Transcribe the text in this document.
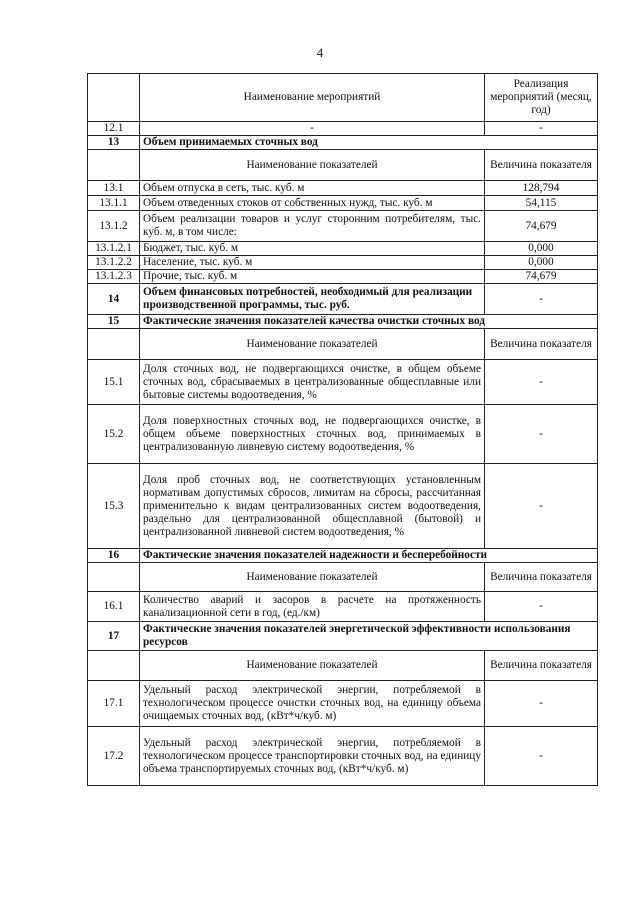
4
	Наименование мероприятий	Реализация мероприятий (месяц, год)
12.1	-	-
13	Объем принимаемых сточных вод	
	Наименование показателей	Величина показателя
13.1	Объем отпуска в сеть, тыс. куб. м	128,794
13.1.1	Объем отведенных стоков от собственных нужд, тыс. куб. м	54,115
13.1.2	Объем реализации товаров и услуг сторонним потребителям, тыс. куб. м, в том числе:	74,679
13.1.2.1	Бюджет, тыс. куб. м	0,000
13.1.2.2	Население, тыс. куб. м	0,000
13.1.2.3	Прочие, тыс. куб. м	74,679
14	Объем финансовых потребностей, необходимый для реализации производственной программы, тыс. руб.	-
15	Фактические значения показателей качества очистки сточных вод	
	Наименование показателей	Величина показателя
15.1	Доля сточных вод, не подвергающихся очистке, в общем объеме сточных вод, сбрасываемых в централизованные общесплавные или бытовые системы водоотведения, %	-
15.2	Доля поверхностных сточных вод, не подвергающихся очистке, в общем объеме поверхностных сточных вод, принимаемых в централизованную ливневую систему водоотведения, %	-
15.3	Доля проб сточных вод, не соответствующих установленным нормативам допустимых сбросов, лимитам на сбросы, рассчитанная применительно к видам централизованных систем водоотведения, раздельно для централизованной общесплавной (бытовой) и централизованной ливневой систем водоотведения, %	-
16	Фактические значения показателей надежности и бесперебойности	
	Наименование показателей	Величина показателя
16.1	Количество аварий и засоров в расчете на протяженность канализационной сети в год, (ед./км)	-
17	Фактические значения показателей энергетической эффективности использования ресурсов	
	Наименование показателей	Величина показателя
17.1	Удельный расход электрической энергии, потребляемой в технологическом процессе очистки сточных вод, на единицу объема очищаемых сточных вод, (кВт*ч/куб. м)	-
17.2	Удельный расход электрической энергии, потребляемой в технологическом процессе транспортировки сточных вод, на единицу объема транспортируемых сточных вод, (кВт*ч/куб. м)	-
